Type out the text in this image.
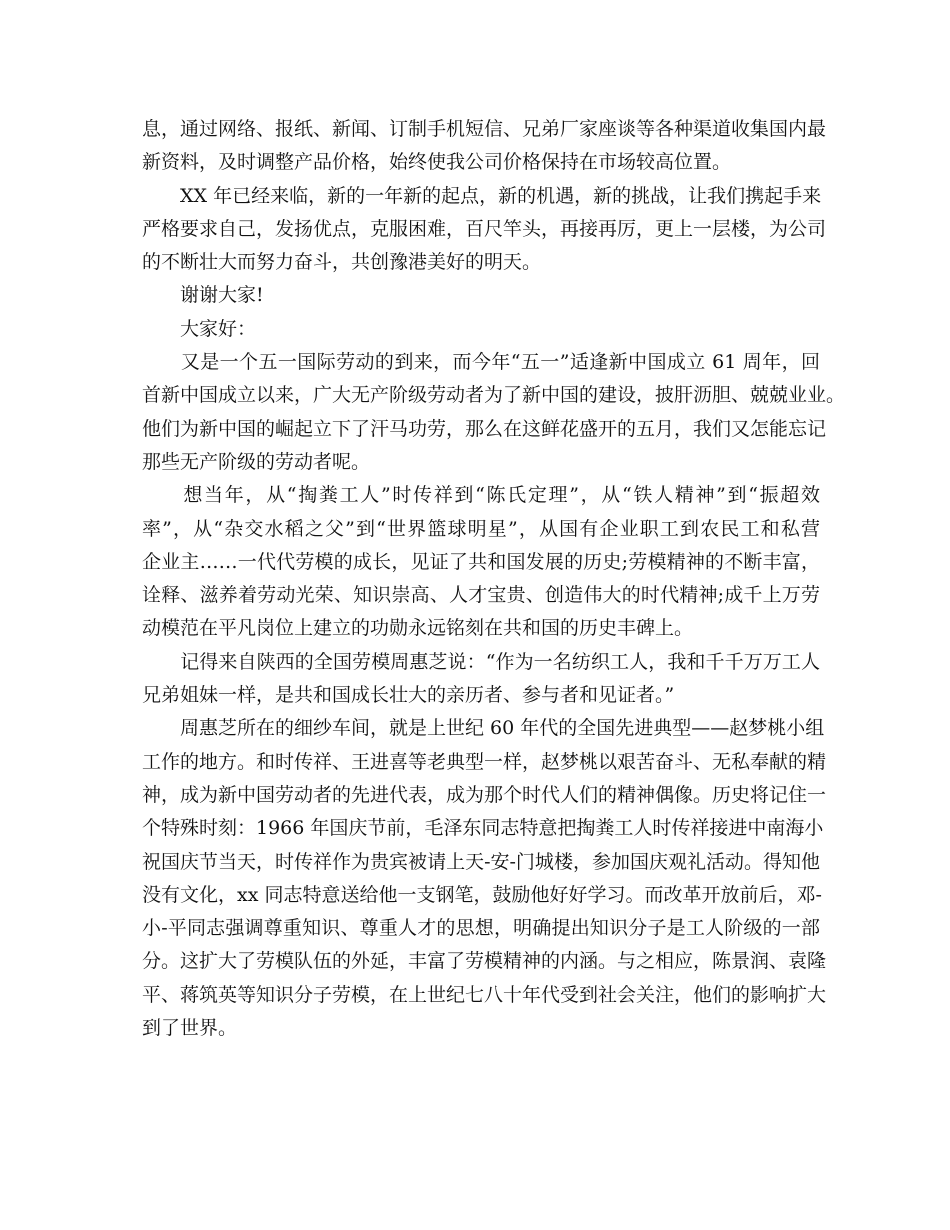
息，通过网络、报纸、新闻、订制手机短信、兄弟厂家座谈等各种渠道收集国内最
新资料，及时调整产品价格，始终使我公司价格保持在市场较高位置。

　　XX 年已经来临，新的一年新的起点，新的机遇，新的挑战，让我们携起手来
严格要求自己，发扬优点，克服困难，百尺竿头，再接再厉，更上一层楼，为公司
的不断壮大而努力奋斗，共创豫港美好的明天。

　　谢谢大家!

　　大家好：

　　又是一个五一国际劳动的到来，而今年“五一”适逢新中国成立 61 周年，回
首新中国成立以来，广大无产阶级劳动者为了新中国的建设，披肝沥胆、兢兢业业。
他们为新中国的崛起立下了汗马功劳，那么在这鲜花盛开的五月，我们又怎能忘记
那些无产阶级的劳动者呢。

　　想当年，从“掏粪工人”时传祥到“陈氏定理”，从“铁人精神”到“振超效
率”，从“杂交水稻之父”到“世界篮球明星”，从国有企业职工到农民工和私营
企业主……一代代劳模的成长，见证了共和国发展的历史;劳模精神的不断丰富，
诠释、滋养着劳动光荣、知识崇高、人才宝贵、创造伟大的时代精神;成千上万劳
动模范在平凡岗位上建立的功勋永远铭刻在共和国的历史丰碑上。

　　记得来自陕西的全国劳模周惠芝说：“作为一名纺织工人，我和千千万万工人
兄弟姐妹一样，是共和国成长壮大的亲历者、参与者和见证者。”

　　周惠芝所在的细纱车间，就是上世纪 60 年代的全国先进典型——赵梦桃小组
工作的地方。和时传祥、王进喜等老典型一样，赵梦桃以艰苦奋斗、无私奉献的精
神，成为新中国劳动者的先进代表，成为那个时代人们的精神偶像。历史将记住一
个特殊时刻：1966 年国庆节前，毛泽东同志特意把掏粪工人时传祥接进中南海小
祝国庆节当天，时传祥作为贵宾被请上天-安-门城楼，参加国庆观礼活动。得知他
没有文化，xx 同志特意送给他一支钢笔，鼓励他好好学习。而改革开放前后，邓-
小-平同志强调尊重知识、尊重人才的思想，明确提出知识分子是工人阶级的一部
分。这扩大了劳模队伍的外延，丰富了劳模精神的内涵。与之相应，陈景润、袁隆
平、蒋筑英等知识分子劳模，在上世纪七八十年代受到社会关注，他们的影响扩大
到了世界。
